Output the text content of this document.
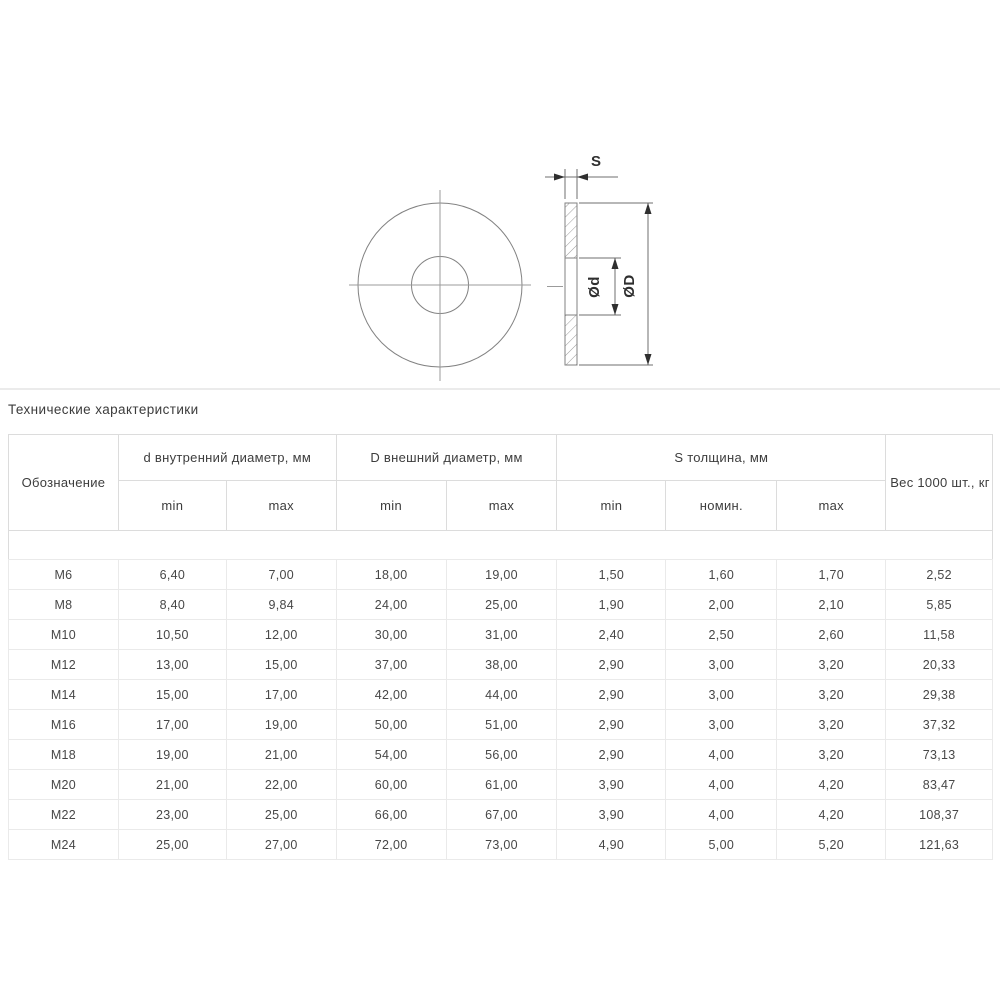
S
Ød ØD
Технические характеристики
Обозначение	d внутренний диаметр, мм		D внешний диаметр, мм		S толщина, мм			Вес 1000 шт., кг
	min	max	min	max	min	номин.	max	

M6	6,40	7,00	18,00	19,00	1,50	1,60	1,70	2,52
M8	8,40	9,84	24,00	25,00	1,90	2,00	2,10	5,85
M10	10,50	12,00	30,00	31,00	2,40	2,50	2,60	11,58
M12	13,00	15,00	37,00	38,00	2,90	3,00	3,20	20,33
M14	15,00	17,00	42,00	44,00	2,90	3,00	3,20	29,38
M16	17,00	19,00	50,00	51,00	2,90	3,00	3,20	37,32
M18	19,00	21,00	54,00	56,00	2,90	4,00	3,20	73,13
M20	21,00	22,00	60,00	61,00	3,90	4,00	4,20	83,47
M22	23,00	25,00	66,00	67,00	3,90	4,00	4,20	108,37
M24	25,00	27,00	72,00	73,00	4,90	5,00	5,20	121,63
